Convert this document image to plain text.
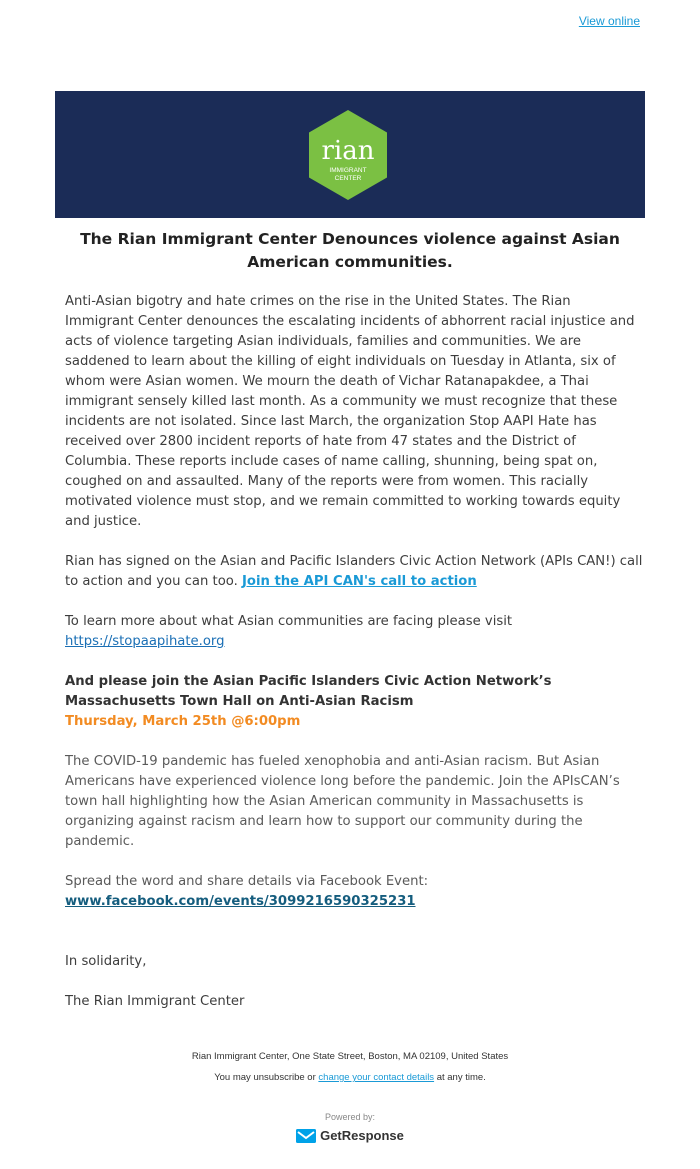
View online
rian
IMMIGRANT
CENTER
The Rian Immigrant Center Denounces violence against Asian American communities.

Anti-Asian bigotry and hate crimes on the rise in the United States. The Rian Immigrant Center denounces the escalating incidents of abhorrent racial injustice and acts of violence targeting Asian individuals, families and communities. We are saddened to learn about the killing of eight individuals on Tuesday in Atlanta, six of whom were Asian women. We mourn the death of Vichar Ratanapakdee, a Thai immigrant sensely killed last month. As a community we must recognize that these incidents are not isolated. Since last March, the organization Stop AAPI Hate has received over 2800 incident reports of hate from 47 states and the District of Columbia. These reports include cases of name calling, shunning, being spat on, coughed on and assaulted. Many of the reports were from women. This racially motivated violence must stop, and we remain committed to working towards equity and justice.

Rian has signed on the Asian and Pacific Islanders Civic Action Network (APIs CAN!) call to action and you can too. Join the API CAN's call to action

To learn more about what Asian communities are facing please visit
https://stopaapihate.org

And please join the Asian Pacific Islanders Civic Action Network’s Massachusetts Town Hall on Anti-Asian Racism
Thursday, March 25th @6:00pm

The COVID-19 pandemic has fueled xenophobia and anti-Asian racism. But Asian Americans have experienced violence long before the pandemic. Join the APIsCAN’s town hall highlighting how the Asian American community in Massachusetts is organizing against racism and learn how to support our community during the pandemic.

Spread the word and share details via Facebook Event:
www.facebook.com/events/3099216590325231

In solidarity,

The Rian Immigrant Center

Rian Immigrant Center, One State Street, Boston, MA 02109, United States
You may unsubscribe or change your contact details at any time.
Powered by:
GetResponse
